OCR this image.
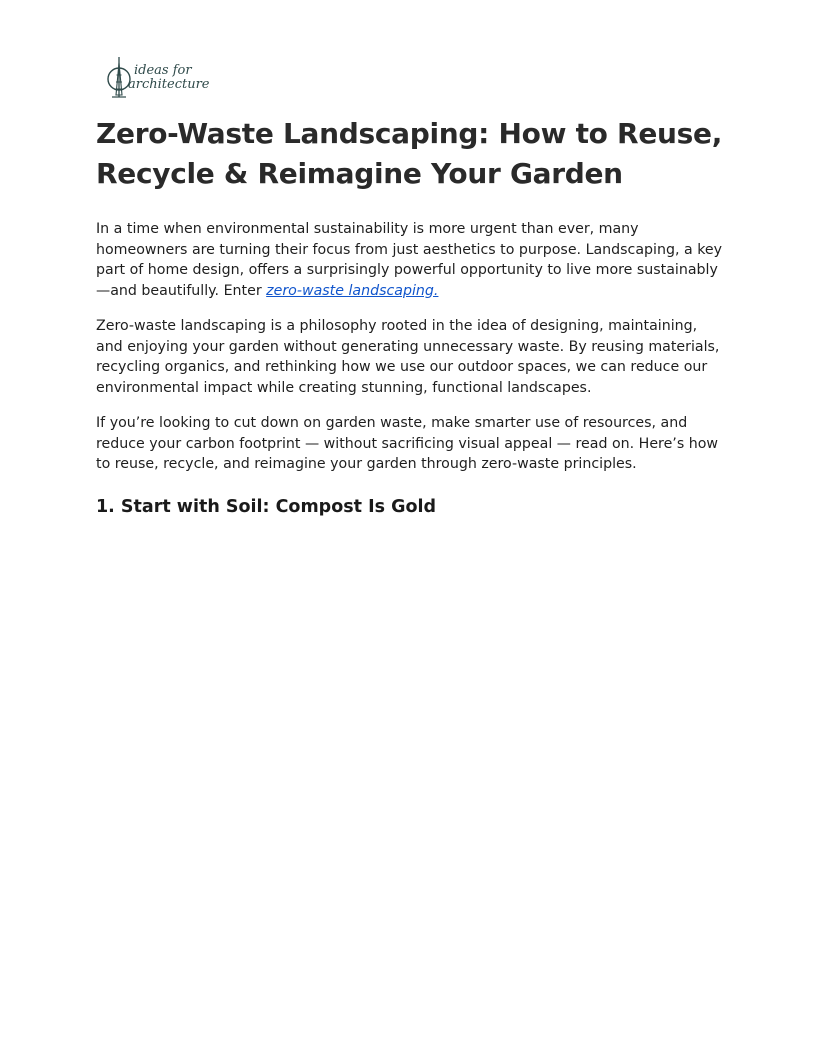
ideas for
architecture
Zero-Waste Landscaping: How to Reuse,
Recycle & Reimagine Your Garden

In a time when environmental sustainability is more urgent than ever, many homeowners are turning their focus from just aesthetics to purpose. Landscaping, a key part of home design, offers a surprisingly powerful opportunity to live more sustainably—and beautifully. Enter zero-waste landscaping.

Zero-waste landscaping is a philosophy rooted in the idea of designing, maintaining, and enjoying your garden without generating unnecessary waste. By reusing materials, recycling organics, and rethinking how we use our outdoor spaces, we can reduce our environmental impact while creating stunning, functional landscapes.

If you’re looking to cut down on garden waste, make smarter use of resources, and reduce your carbon footprint — without sacrificing visual appeal — read on. Here’s how to reuse, recycle, and reimagine your garden through zero-waste principles.

1. Start with Soil: Compost Is Gold
